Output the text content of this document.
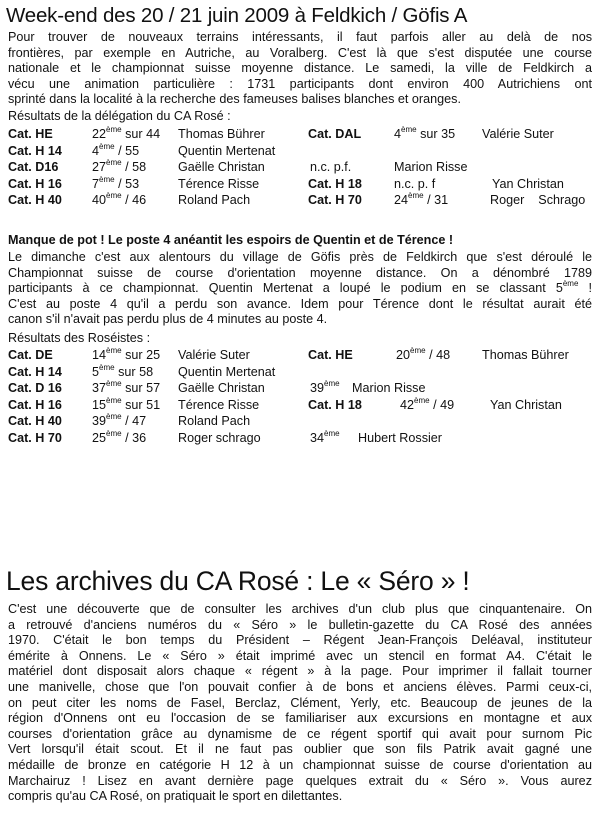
Week-end des 20 / 21 juin 2009 à Feldkich / Göfis A

Pour trouver de nouveaux terrains intéressants, il faut parfois aller au delà de nos
frontières, par exemple en Autriche, au Voralberg. C'est là que s'est disputée une course
nationale et le championnat suisse moyenne distance. Le samedi, la ville de Feldkirch a
vécu une animation particulière : 1731 participants dont environ 400 Autrichiens ont
sprinté dans la localité à la recherche des fameuses balises blanches et oranges.

Résultats de la délégation du CA Rosé :
Cat. HE	22ème sur 44 Thomas Bührer	Cat. DAL	4ème sur 35 Valérie Suter
Cat. H 14 4ème / 55	Quentin Mertenat
Cat. D16	27ème / 58	Gaëlle Christan	n.c. p.f.	Marion Risse
Cat. H 16 7ème / 53	Térence Risse	Cat. H 18	n.c. p. f	Yan Christan
Cat. H 40 40ème / 46	Roland Pach	Cat. H 70	24ème / 31	Roger    Schrago
Manque de pot ! Le poste 4 anéantit les espoirs de Quentin et de Térence !

Le dimanche c'est aux alentours du village de Göfis près de Feldkirch que s'est déroulé le
Championnat suisse de course d'orientation moyenne distance. On a dénombré 1789
participants à ce championnat. Quentin Mertenat a loupé le podium en se classant 5ème !
C'est au poste 4 qu'il a perdu son avance. Idem pour Térence dont le résultat aurait été
canon s'il n'avait pas perdu plus de 4 minutes au poste 4.

Résultats des Roséistes :
Cat. DE	14ème sur 25 Valérie Suter	Cat. HE	20ème / 48	Thomas Bührer
Cat. H 14 5ème sur 58 Quentin Mertenat
Cat. D 16 37ème sur 57 Gaëlle Christan	39ème Marion Risse
Cat. H 16 15ème sur 51 Térence Risse	Cat. H 18	42ème / 49	Yan Christan
Cat. H 40 39ème / 47	Roland Pach
Cat. H 70 25ème / 36	Roger schrago	34ème Hubert Rossier
Les archives du CA Rosé : Le « Séro » !

C'est une découverte que de consulter les archives d'un club plus que cinquantenaire. On
a retrouvé d'anciens numéros du « Séro » le bulletin-gazette du CA Rosé des années
1970. C'était le bon temps du Président – Régent Jean-François Deléaval, instituteur
émérite à Onnens. Le « Séro » était imprimé avec un stencil en format A4. C'était le
matériel dont disposait alors chaque « régent » à la page. Pour imprimer il fallait tourner
une manivelle, chose que l'on pouvait confier à de bons et anciens élèves. Parmi ceux-ci,
on peut citer les noms de Fasel, Berclaz, Clément, Yerly, etc. Beaucoup de jeunes de la
région d'Onnens ont eu l'occasion de se familiariser aux excursions en montagne et aux
courses d'orientation grâce au dynamisme de ce régent sportif qui avait pour surnom Pic
Vert lorsqu'il était scout. Et il ne faut pas oublier que son fils Patrik avait gagné une
médaille de bronze en catégorie H 12 à un championnat suisse de course d'orientation au
Marchairuz ! Lisez en avant dernière page quelques extrait du « Séro ». Vous aurez
compris qu'au CA Rosé, on pratiquait le sport en dilettantes.
